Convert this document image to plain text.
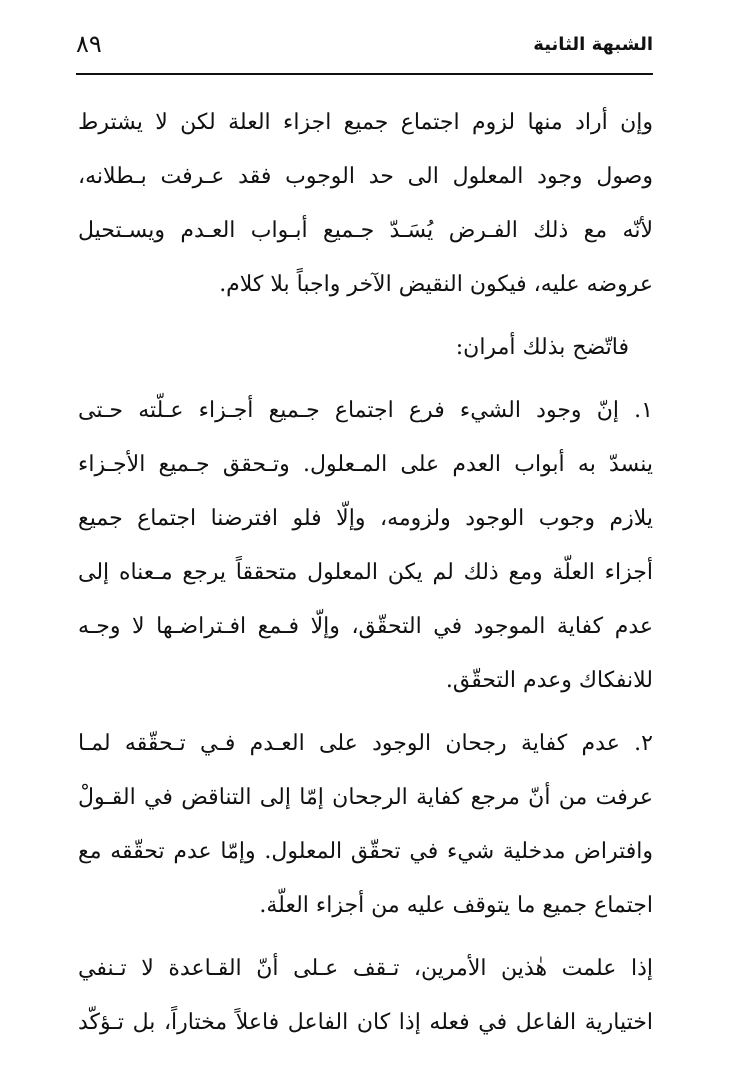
الشبهة الثانية
٨٩

وإن أراد منها لزوم اجتماع جميع اجزاء العلة لكن لا يشترط
وصول وجود المعلول الى حد الوجوب فقد عـرفت بـطلانه،
لأنّه مع ذلك الفـرض يُسَـدّ جـميع أبـواب العـدم ويسـتحيل
عروضه عليه، فيكون النقيض الآخر واجباً بلا كلام.

فاتّضح بذلك أمران:

١. إنّ وجود الشيء فرع اجتماع جـميع أجـزاء عـلّته حـتى
ينسدّ به أبواب العدم على المـعلول. وتـحقق جـميع الأجـزاء
يلازم وجوب الوجود ولزومه، وإلّا فلو افترضنا اجتماع جميع
أجزاء العلّة ومع ذلك لم يكن المعلول متحققاً يرجع مـعناه إلى
عدم كفاية الموجود في التحقّق، وإلّا فـمع افـتراضـها لا وجـه
للانفكاك وعدم التحقّق.

٢. عدم كفاية رجحان الوجود على العـدم فـي تـحقّقه لمـا
عرفت من أنّ مرجع كفاية الرجحان إمّا إلى التناقض في القـولْ
وافتراض مدخلية شيء في تحقّق المعلول. وإمّا عدم تحقّقه مع
اجتماع جميع ما يتوقف عليه من أجزاء العلّة.

إذا علمت هٰذين الأمرين، تـقف عـلى أنّ القـاعدة لا تـنفي
اختيارية الفاعل في فعله إذا كان الفاعل فاعلاً مختاراً، بل تـؤكّد
